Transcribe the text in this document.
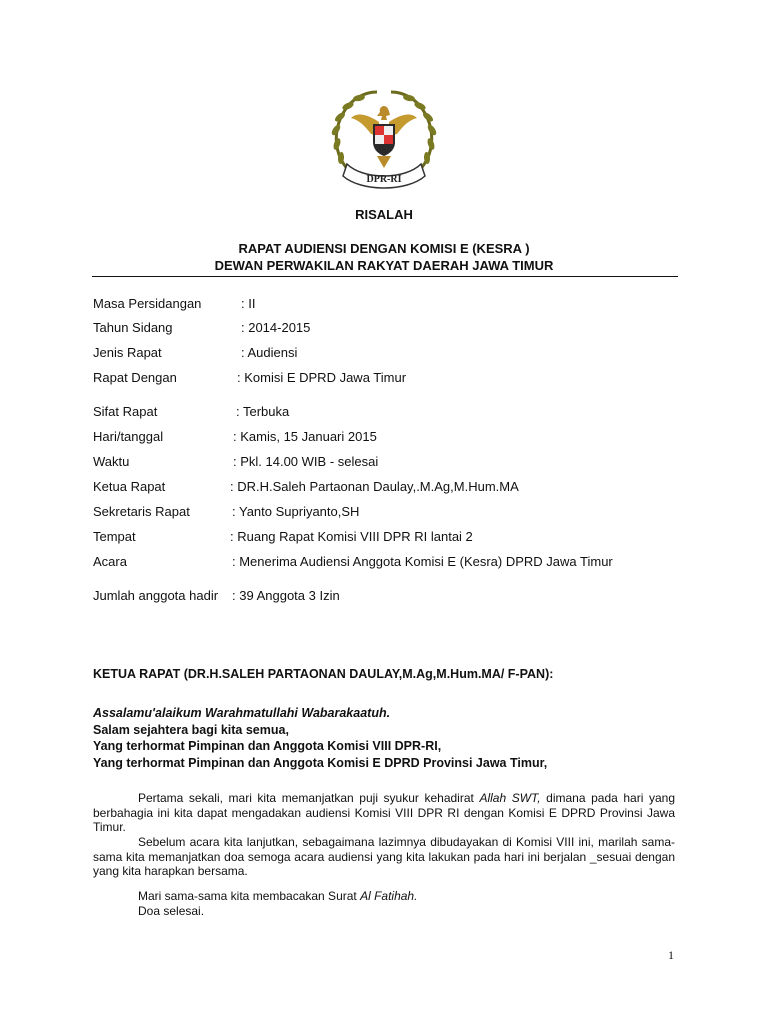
DPR-RI
RISALAH
RAPAT AUDIENSI DENGAN KOMISI E (KESRA )
DEWAN PERWAKILAN RAKYAT DAERAH JAWA TIMUR
Masa Persidangan	: II
Tahun Sidang	: 2014-2015
Jenis Rapat	: Audiensi
Rapat Dengan	: Komisi E DPRD Jawa Timur
Sifat Rapat	: Terbuka
Hari/tanggal	: Kamis, 15 Januari 2015
Waktu	: Pkl. 14.00 WIB - selesai
Ketua Rapat	: DR.H.Saleh Partaonan Daulay,.M.Ag,M.Hum.MA
Sekretaris Rapat	: Yanto Supriyanto,SH
Tempat	: Ruang Rapat Komisi VIII DPR RI lantai 2
Acara	: Menerima Audiensi Anggota Komisi E (Kesra) DPRD Jawa Timur
Jumlah anggota hadir : 39 Anggota 3 Izin
KETUA RAPAT (DR.H.SALEH PARTAONAN DAULAY,M.Ag,M.Hum.MA/ F-PAN):
Assalamu'alaikum Warahmatullahi Wabarakaatuh.
Salam sejahtera bagi kita semua,
Yang terhormat Pimpinan dan Anggota Komisi VIII DPR-RI,
Yang terhormat Pimpinan dan Anggota Komisi E DPRD Provinsi Jawa Timur,
Pertama sekali, mari kita memanjatkan puji syukur kehadirat Allah SWT, dimana pada hari yang berbahagia ini kita dapat mengadakan audiensi Komisi VIII DPR RI dengan Komisi E DPRD Provinsi Jawa Timur.
Sebelum acara kita lanjutkan, sebagaimana lazimnya dibudayakan di Komisi VIII ini, marilah sama-sama kita memanjatkan doa semoga acara audiensi yang kita lakukan pada hari ini berjalan _sesuai dengan yang kita harapkan bersama.
Mari sama-sama kita membacakan Surat Al Fatihah.
Doa selesai.
1
